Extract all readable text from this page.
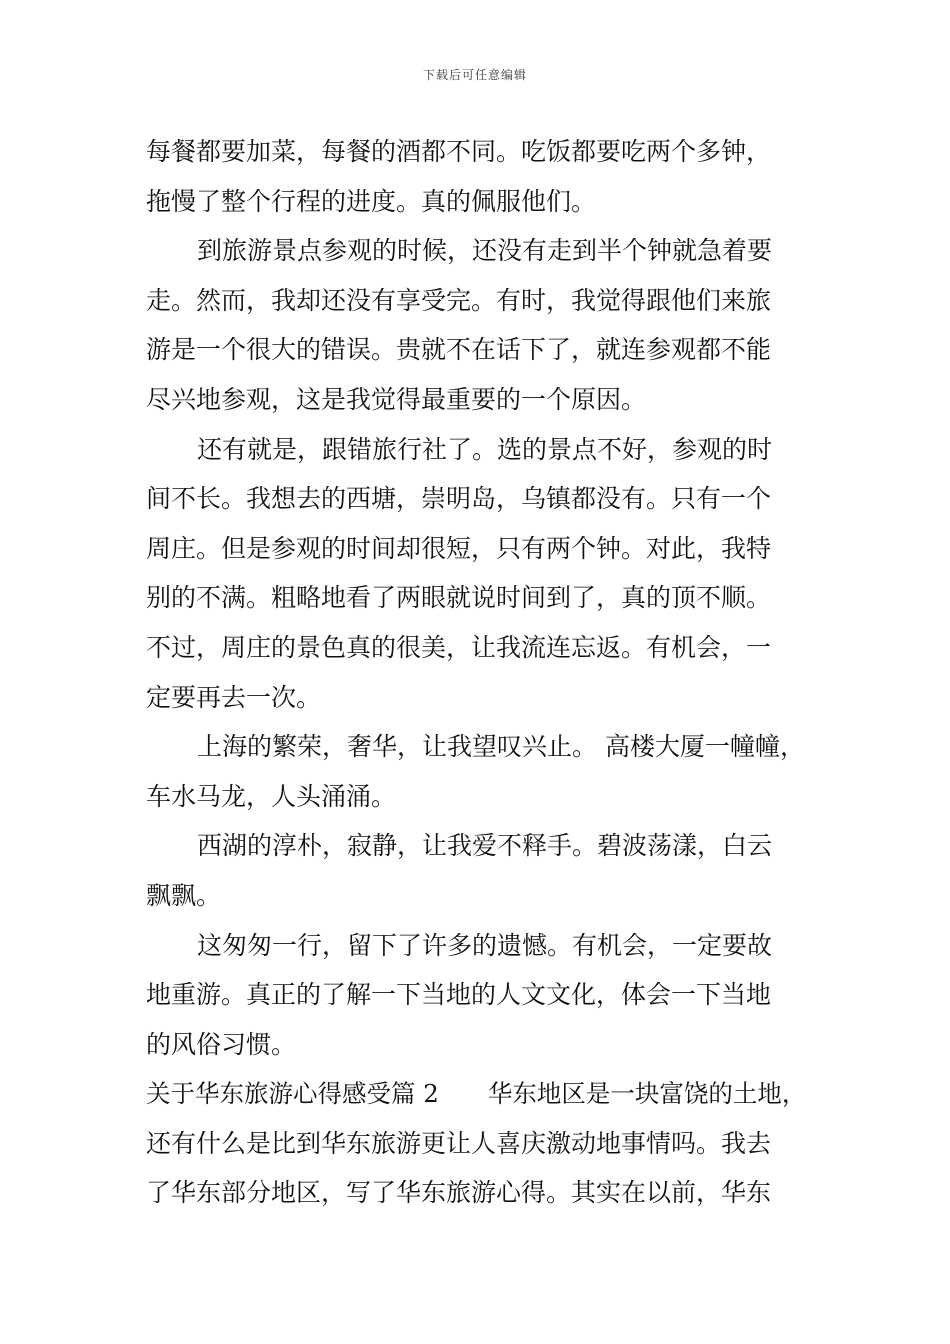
下载后可任意编辑
每餐都要加菜，每餐的酒都不同。吃饭都要吃两个多钟，
拖慢了整个行程的进度。真的佩服他们。
到旅游景点参观的时候，还没有走到半个钟就急着要
走。然而，我却还没有享受完。有时，我觉得跟他们来旅
游是一个很大的错误。贵就不在话下了，就连参观都不能
尽兴地参观，这是我觉得最重要的一个原因。
还有就是，跟错旅行社了。选的景点不好，参观的时
间不长。我想去的西塘，崇明岛，乌镇都没有。只有一个
周庄。但是参观的时间却很短，只有两个钟。对此，我特
别的不满。粗略地看了两眼就说时间到了，真的顶不顺。
不过，周庄的景色真的很美，让我流连忘返。有机会，一
定要再去一次。
上海的繁荣，奢华，让我望叹兴止。 高楼大厦一幢幢，
车水马龙，人头涌涌。
西湖的淳朴，寂静，让我爱不释手。碧波荡漾，白云
飘飘。
这匆匆一行，留下了许多的遗憾。有机会，一定要故
地重游。真正的了解一下当地的人文文化，体会一下当地
的风俗习惯。
关于华东旅游心得感受篇 2　　华东地区是一块富饶的土地，
还有什么是比到华东旅游更让人喜庆激动地事情吗。我去
了华东部分地区，写了华东旅游心得。其实在以前，华东
